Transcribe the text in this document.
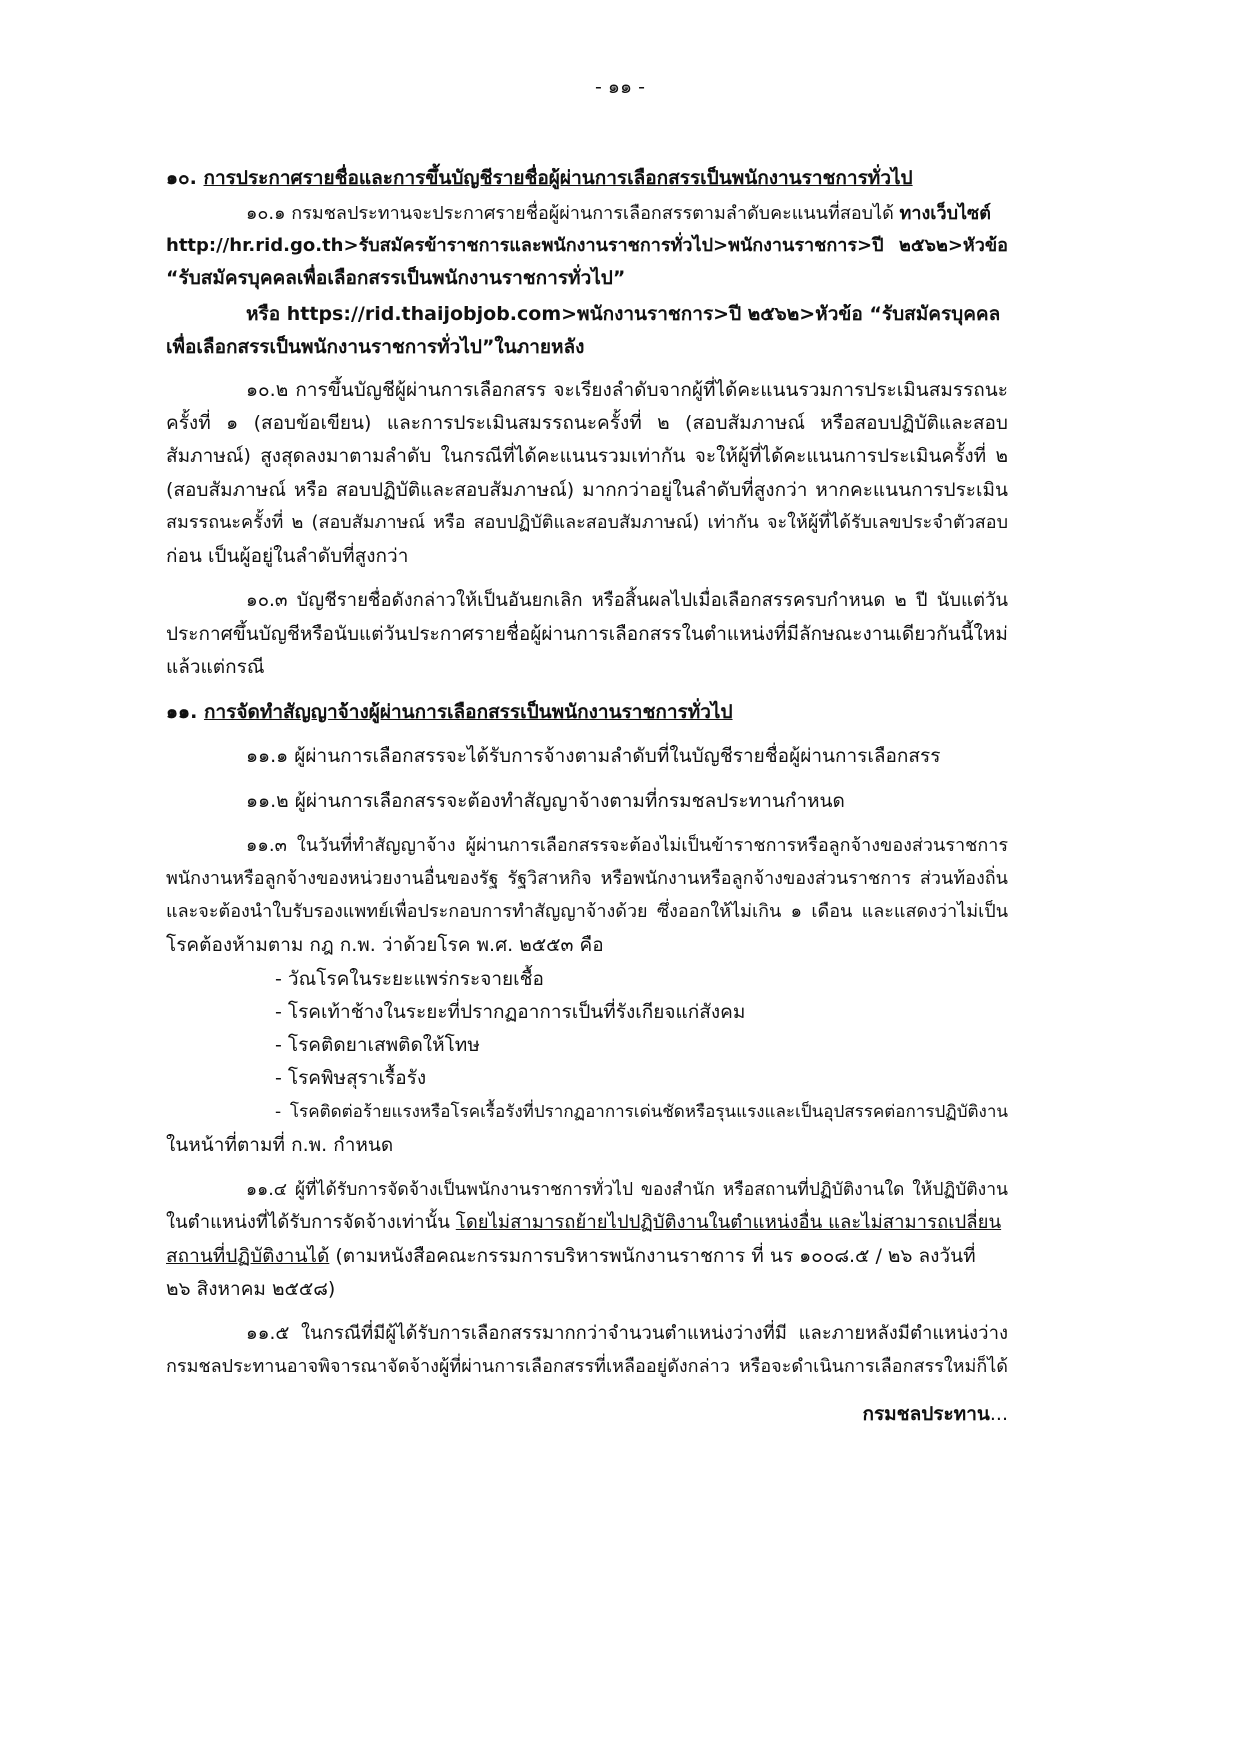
- ๑๑ -
๑๐. การประกาศรายชื่อและการขึ้นบัญชีรายชื่อผู้ผ่านการเลือกสรรเป็นพนักงานราชการทั่วไป
๑๐.๑ กรมชลประทานจะประกาศรายชื่อผู้ผ่านการเลือกสรรตามลำดับคะแนนที่สอบได้ ทางเว็บไซต์
http://hr.rid.go.th>รับสมัครข้าราชการและพนักงานราชการทั่วไป>พนักงานราชการ>ปี ๒๕๖๒>หัวข้อ
“รับสมัครบุคคลเพื่อเลือกสรรเป็นพนักงานราชการทั่วไป”
หรือ https://rid.thaijobjob.com>พนักงานราชการ>ปี ๒๕๖๒>หัวข้อ “รับสมัครบุคคล
เพื่อเลือกสรรเป็นพนักงานราชการทั่วไป”ในภายหลัง
๑๐.๒ การขึ้นบัญชีผู้ผ่านการเลือกสรร จะเรียงลำดับจากผู้ที่ได้คะแนนรวมการประเมินสมรรถนะ
ครั้งที่ ๑ (สอบข้อเขียน) และการประเมินสมรรถนะครั้งที่ ๒ (สอบสัมภาษณ์ หรือสอบปฏิบัติและสอบ
สัมภาษณ์) สูงสุดลงมาตามลำดับ ในกรณีที่ได้คะแนนรวมเท่ากัน จะให้ผู้ที่ได้คะแนนการประเมินครั้งที่ ๒
(สอบสัมภาษณ์ หรือ สอบปฏิบัติและสอบสัมภาษณ์) มากกว่าอยู่ในลำดับที่สูงกว่า หากคะแนนการประเมิน
สมรรถนะครั้งที่ ๒ (สอบสัมภาษณ์ หรือ สอบปฏิบัติและสอบสัมภาษณ์) เท่ากัน จะให้ผู้ที่ได้รับเลขประจำตัวสอบ
ก่อน เป็นผู้อยู่ในลำดับที่สูงกว่า
๑๐.๓ บัญชีรายชื่อดังกล่าวให้เป็นอันยกเลิก หรือสิ้นผลไปเมื่อเลือกสรรครบกำหนด ๒ ปี นับแต่วัน
ประกาศขึ้นบัญชีหรือนับแต่วันประกาศรายชื่อผู้ผ่านการเลือกสรรในตำแหน่งที่มีลักษณะงานเดียวกันนี้ใหม่
แล้วแต่กรณี
๑๑. การจัดทำสัญญาจ้างผู้ผ่านการเลือกสรรเป็นพนักงานราชการทั่วไป
๑๑.๑ ผู้ผ่านการเลือกสรรจะได้รับการจ้างตามลำดับที่ในบัญชีรายชื่อผู้ผ่านการเลือกสรร
๑๑.๒ ผู้ผ่านการเลือกสรรจะต้องทำสัญญาจ้างตามที่กรมชลประทานกำหนด
๑๑.๓ ในวันที่ทำสัญญาจ้าง ผู้ผ่านการเลือกสรรจะต้องไม่เป็นข้าราชการหรือลูกจ้างของส่วนราชการ
พนักงานหรือลูกจ้างของหน่วยงานอื่นของรัฐ รัฐวิสาหกิจ หรือพนักงานหรือลูกจ้างของส่วนราชการ ส่วนท้องถิ่น
และจะต้องนำใบรับรองแพทย์เพื่อประกอบการทำสัญญาจ้างด้วย ซึ่งออกให้ไม่เกิน ๑ เดือน และแสดงว่าไม่เป็น
โรคต้องห้ามตาม กฎ ก.พ. ว่าด้วยโรค พ.ศ. ๒๕๕๓ คือ
- วัณโรคในระยะแพร่กระจายเชื้อ
- โรคเท้าช้างในระยะที่ปรากฏอาการเป็นที่รังเกียจแก่สังคม
- โรคติดยาเสพติดให้โทษ
- โรคพิษสุราเรื้อรัง
- โรคติดต่อร้ายแรงหรือโรคเรื้อรังที่ปรากฏอาการเด่นชัดหรือรุนแรงและเป็นอุปสรรคต่อการปฏิบัติงาน
ในหน้าที่ตามที่ ก.พ. กำหนด
๑๑.๔ ผู้ที่ได้รับการจัดจ้างเป็นพนักงานราชการทั่วไป ของสำนัก หรือสถานที่ปฏิบัติงานใด ให้ปฏิบัติงาน
ในตำแหน่งที่ได้รับการจัดจ้างเท่านั้น โดยไม่สามารถย้ายไปปฏิบัติงานในตำแหน่งอื่น และไม่สามารถเปลี่ยน
สถานที่ปฏิบัติงานได้ (ตามหนังสือคณะกรรมการบริหารพนักงานราชการ ที่ นร ๑๐๐๘.๕ / ๒๖ ลงวันที่
๒๖ สิงหาคม ๒๕๕๘)
๑๑.๕ ในกรณีที่มีผู้ได้รับการเลือกสรรมากกว่าจำนวนตำแหน่งว่างที่มี และภายหลังมีตำแหน่งว่าง
กรมชลประทานอาจพิจารณาจัดจ้างผู้ที่ผ่านการเลือกสรรที่เหลืออยู่ดังกล่าว หรือจะดำเนินการเลือกสรรใหม่ก็ได้
กรมชลประทาน...
